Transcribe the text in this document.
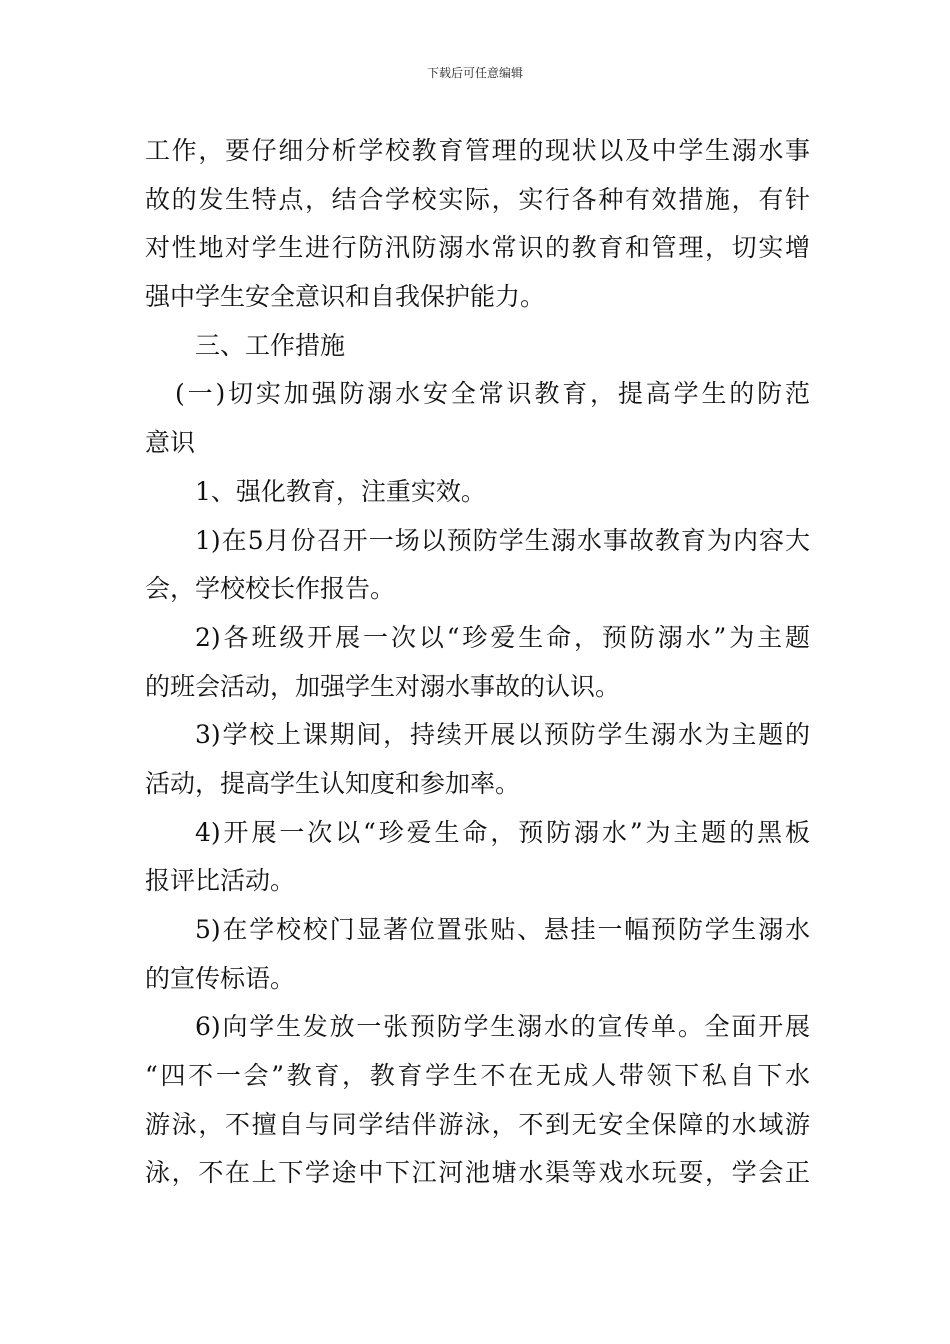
下载后可任意编辑
工作，要仔细分析学校教育管理的现状以及中学生溺水事
故的发生特点，结合学校实际，实行各种有效措施，有针
对性地对学生进行防汛防溺水常识的教育和管理，切实增
强中学生安全意识和自我保护能力。
三、工作措施
(一)切实加强防溺水安全常识教育，提高学生的防范
意识
1、强化教育，注重实效。
1)在5月份召开一场以预防学生溺水事故教育为内容大
会，学校校长作报告。
2)各班级开展一次以“珍爱生命，预防溺水”为主题
的班会活动，加强学生对溺水事故的认识。
3)学校上课期间，持续开展以预防学生溺水为主题的
活动，提高学生认知度和参加率。
4)开展一次以“珍爱生命，预防溺水”为主题的黑板
报评比活动。
5)在学校校门显著位置张贴、悬挂一幅预防学生溺水
的宣传标语。
6)向学生发放一张预防学生溺水的宣传单。全面开展
“四不一会”教育，教育学生不在无成人带领下私自下水
游泳，不擅自与同学结伴游泳，不到无安全保障的水域游
泳，不在上下学途中下江河池塘水渠等戏水玩耍，学会正
